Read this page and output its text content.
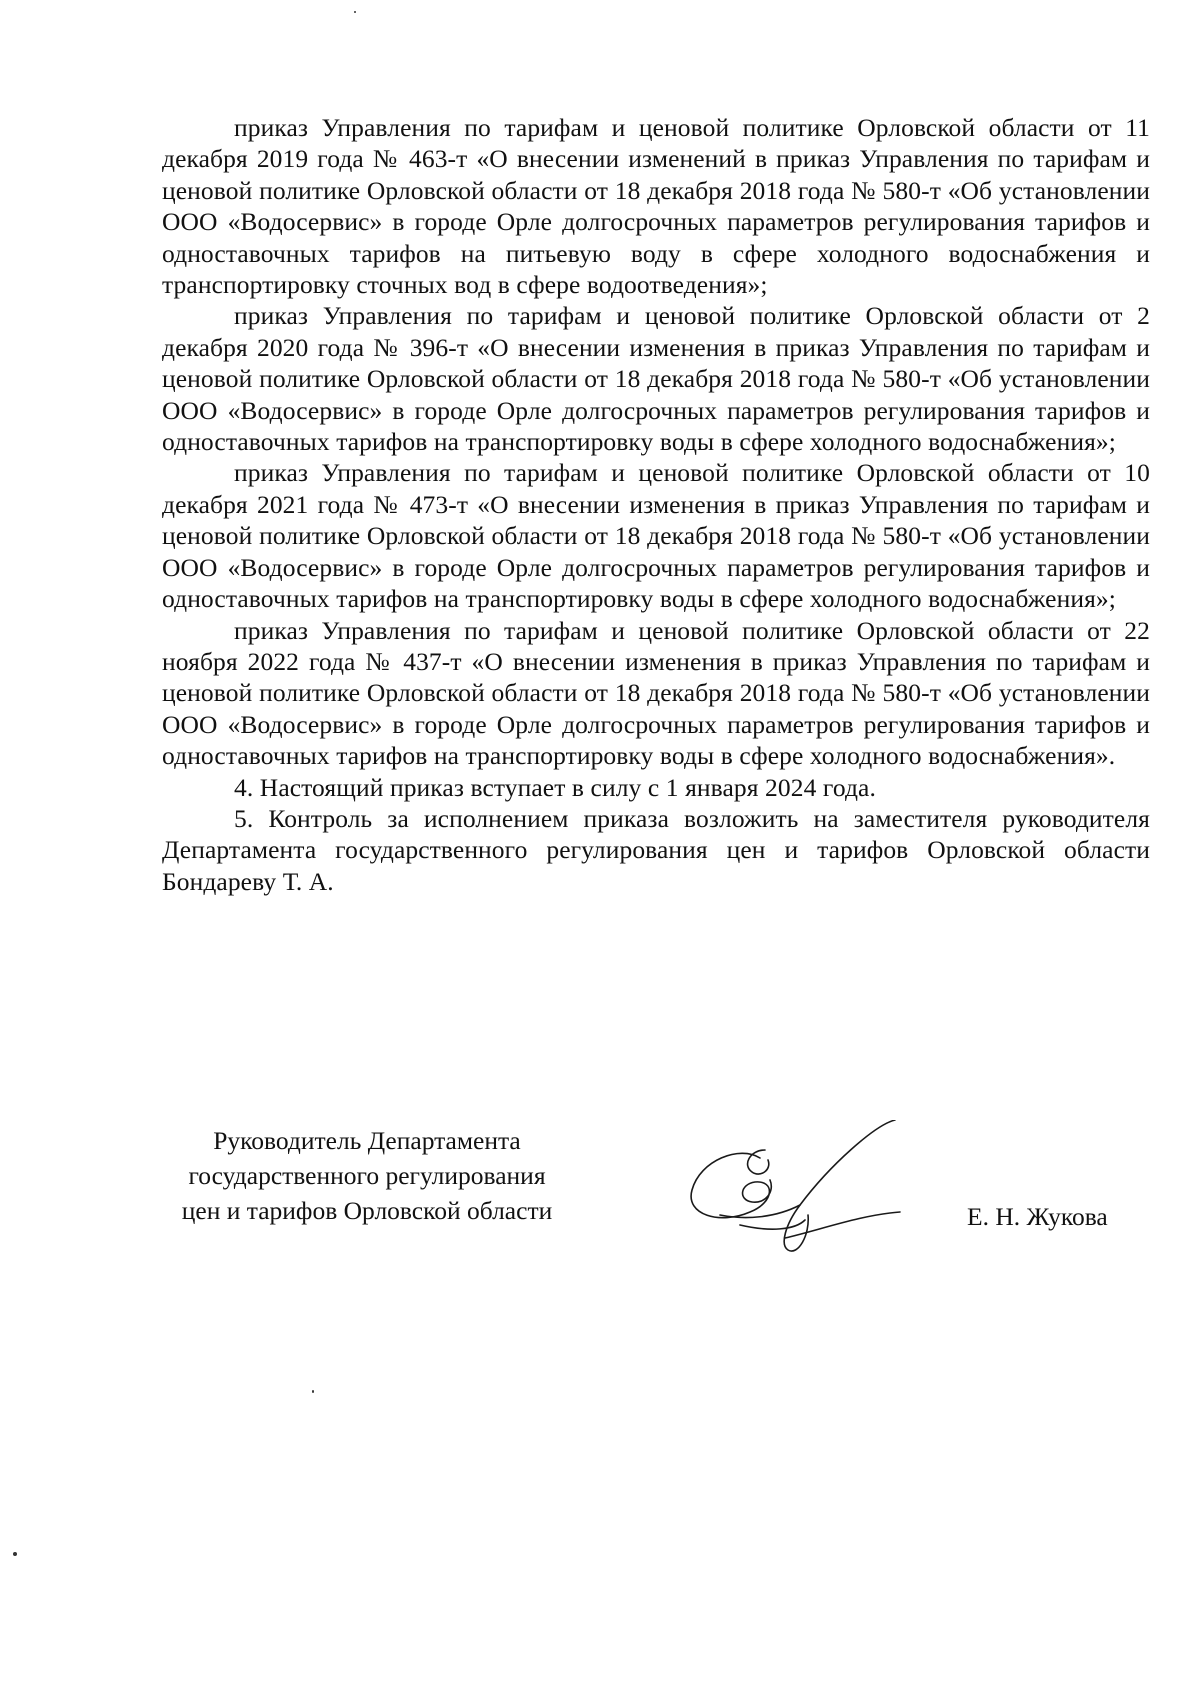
приказ Управления по тарифам и ценовой политике Орловской области от 11 декабря 2019 года № 463-т «О внесении изменений в приказ Управления по тарифам и ценовой политике Орловской области от 18 декабря 2018 года № 580-т «Об установлении ООО «Водосервис» в городе Орле долгосрочных параметров регулирования тарифов и одноставочных тарифов на питьевую воду в сфере холодного водоснабжения и транспортировку сточных вод в сфере водоотведения»;

приказ Управления по тарифам и ценовой политике Орловской области от 2 декабря 2020 года № 396-т «О внесении изменения в приказ Управления по тарифам и ценовой политике Орловской области от 18 декабря 2018 года № 580-т «Об установлении ООО «Водосервис» в городе Орле долгосрочных параметров регулирования тарифов и одноставочных тарифов на транспортировку воды в сфере холодного водоснабжения»;

приказ Управления по тарифам и ценовой политике Орловской области от 10 декабря 2021 года № 473-т «О внесении изменения в приказ Управления по тарифам и ценовой политике Орловской области от 18 декабря 2018 года № 580-т «Об установлении ООО «Водосервис» в городе Орле долгосрочных параметров регулирования тарифов и одноставочных тарифов на транспортировку воды в сфере холодного водоснабжения»;

приказ Управления по тарифам и ценовой политике Орловской области от 22 ноября 2022 года № 437-т «О внесении изменения в приказ Управления по тарифам и ценовой политике Орловской области от 18 декабря 2018 года № 580-т «Об установлении ООО «Водосервис» в городе Орле долгосрочных параметров регулирования тарифов и одноставочных тарифов на транспортировку воды в сфере холодного водоснабжения».

4. Настоящий приказ вступает в силу с 1 января 2024 года.

5. Контроль за исполнением приказа возложить на заместителя руководителя Департамента государственного регулирования цен и тарифов Орловской области Бондареву Т. А.

Руководитель Департамента
государственного регулирования
цен и тарифов Орловской области	Е. Н. Жукова
